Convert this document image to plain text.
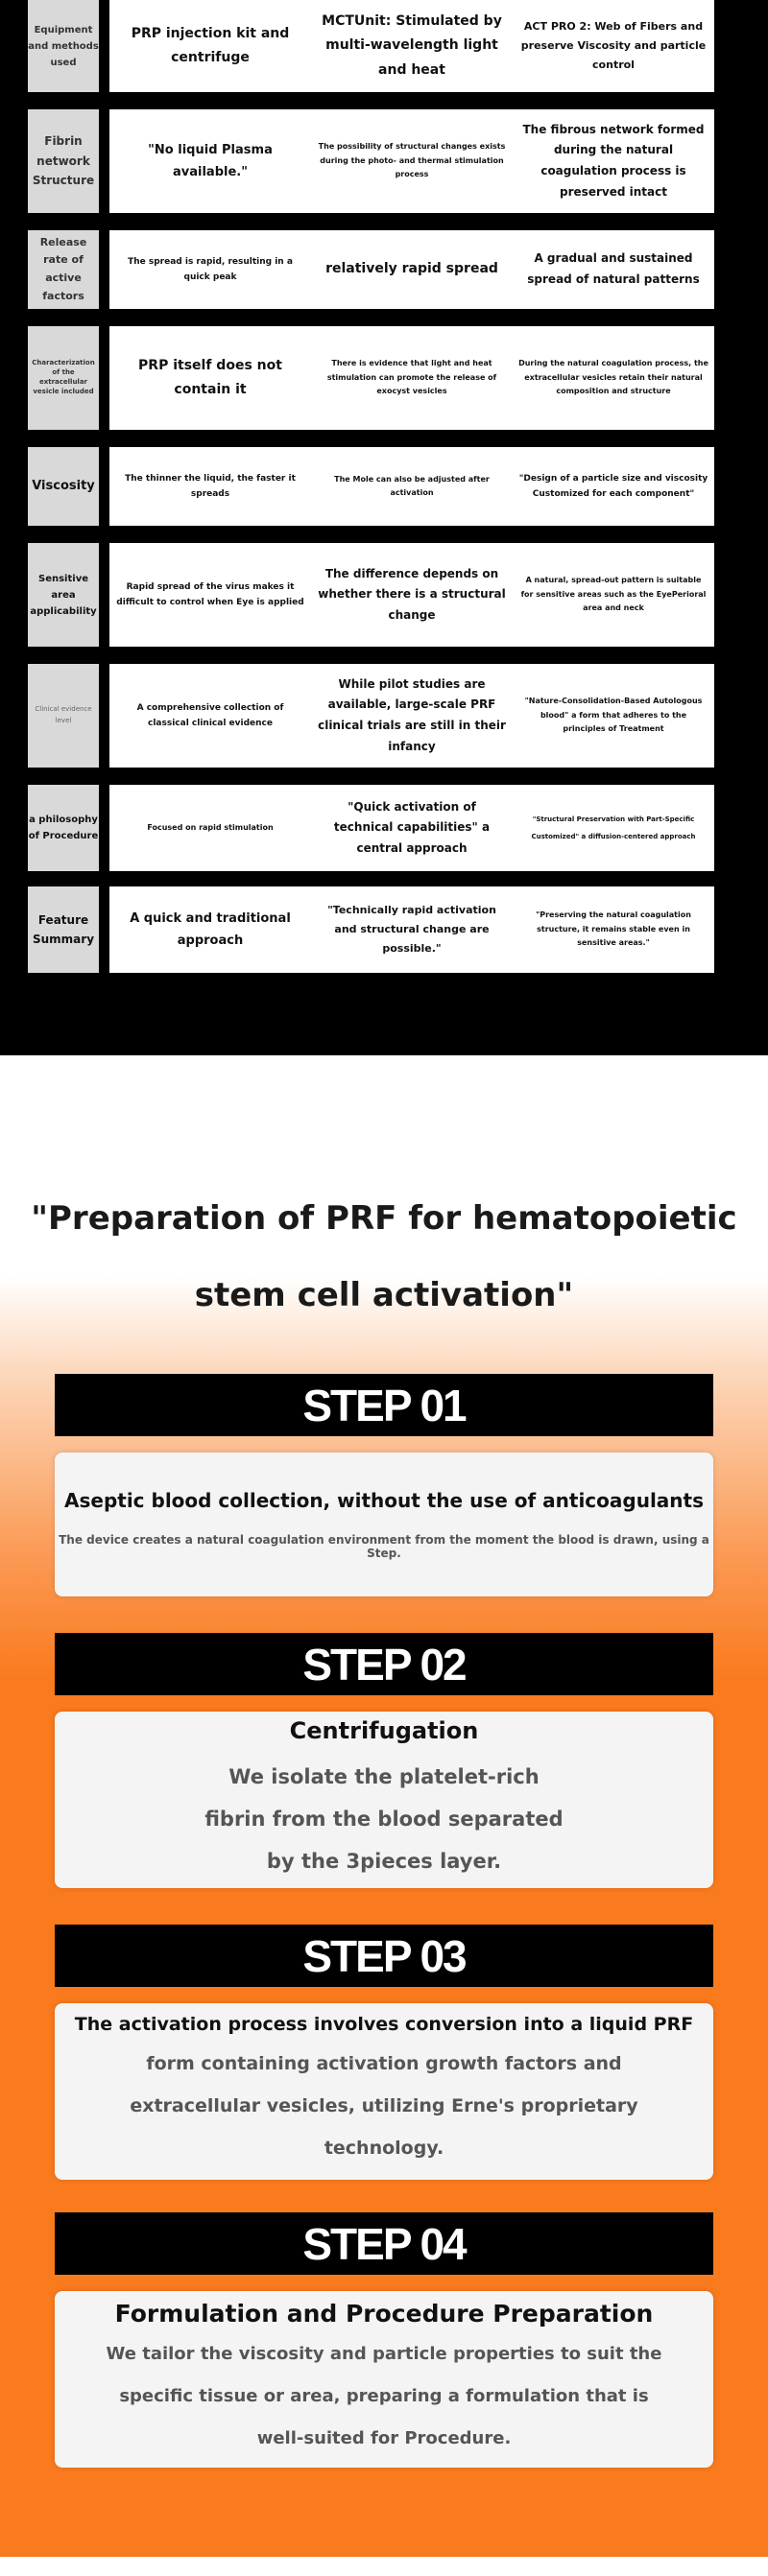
Equipment and methods used
PRP injection kit and centrifuge
MCTUnit: Stimulated by multi-wavelength light and heat
ACT PRO 2: Web of Fibers and preserve Viscosity and particle control
Fibrin network Structure
"No liquid Plasma available."
The possibility of structural changes exists during the photo- and thermal stimulation process
The fibrous network formed during the natural coagulation process is preserved intact
Release rate of active factors
The spread is rapid, resulting in a quick peak
relatively rapid spread
A gradual and sustained spread of natural patterns
Characterization of the extracellular vesicle included
PRP itself does not contain it
There is evidence that light and heat stimulation can promote the release of exocyst vesicles
During the natural coagulation process, the extracellular vesicles retain their natural composition and structure
Viscosity
The thinner the liquid, the faster it spreads
The Mole can also be adjusted after activation
"Design of a particle size and viscosity Customized for each component"
Sensitive area applicability
Rapid spread of the virus makes it difficult to control when Eye is applied
The difference depends on whether there is a structural change
A natural, spread-out pattern is suitable for sensitive areas such as the EyePerioral area and neck
Clinical evidence level
A comprehensive collection of classical clinical evidence
While pilot studies are available, large-scale PRF clinical trials are still in their infancy
"Nature-Consolidation-Based Autologous blood" a form that adheres to the principles of Treatment
a philosophy of Procedure
Focused on rapid stimulation
"Quick activation of technical capabilities" a central approach
"Structural Preservation with Part-Specific Customized" a diffusion-centered approach
Feature Summary
A quick and traditional approach
"Technically rapid activation and structural change are possible."
"Preserving the natural coagulation structure, it remains stable even in sensitive areas."
"Preparation of PRF for hematopoietic stem cell activation"
STEP 01
Aseptic blood collection, without the use of anticoagulants
The device creates a natural coagulation environment from the moment the blood is drawn, using a Step.
STEP 02
Centrifugation
We isolate the platelet-rich fibrin from the blood separated by the 3pieces layer.
STEP 03
The activation process involves conversion into a liquid PRF
form containing activation growth factors and extracellular vesicles, utilizing Erne's proprietary technology.
STEP 04
Formulation and Procedure Preparation
We tailor the viscosity and particle properties to suit the specific tissue or area, preparing a formulation that is well-suited for Procedure.
